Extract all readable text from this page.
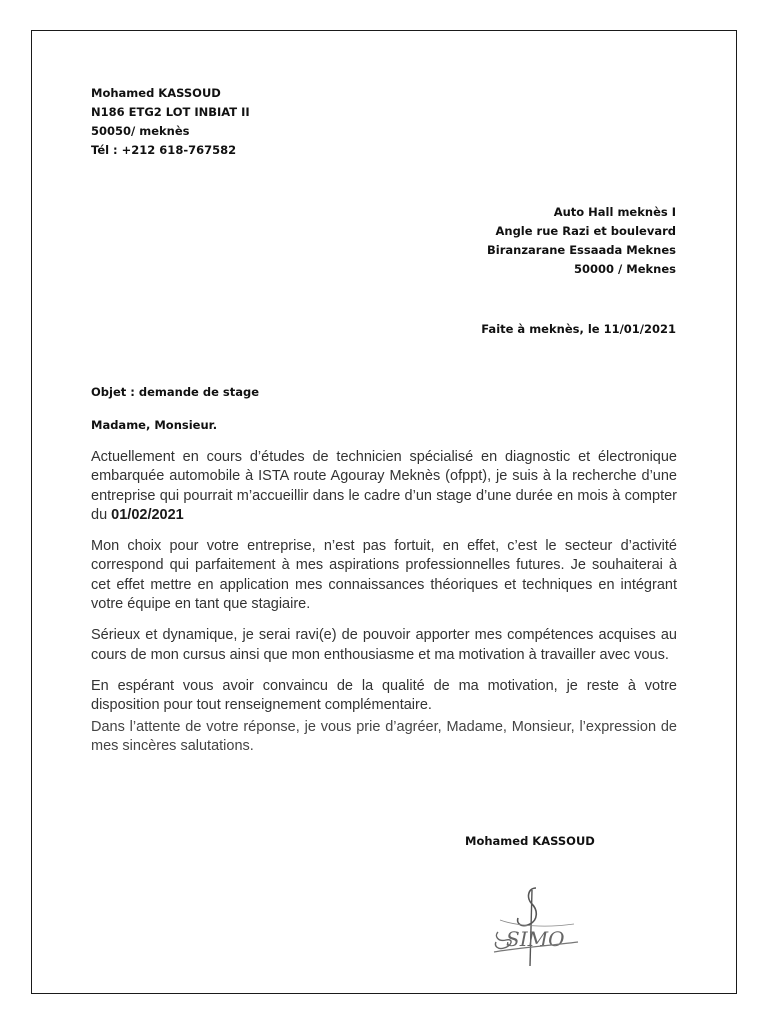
Mohamed KASSOUD
N186 ETG2 LOT INBIAT II
50050/ meknès
Tél : +212 618-767582
Auto Hall meknès I
Angle rue Razi et boulevard
Biranzarane Essaada Meknes
50000 / Meknes
Faite à meknès, le 11/01/2021
Objet : demande de stage
Madame, Monsieur.

Actuellement en cours d’études de technicien spécialisé en diagnostic et électronique embarquée automobile à ISTA route Agouray Meknès (ofppt), je suis à la recherche d’une entreprise qui pourrait m’accueillir dans le cadre d’un stage d’une durée en mois à compter du 01/02/2021

Mon choix pour votre entreprise, n’est pas fortuit, en effet, c’est le secteur d’activité correspond qui parfaitement à mes aspirations professionnelles futures. Je souhaiterai à cet effet mettre en application mes connaissances théoriques et techniques en intégrant votre équipe en tant que stagiaire.

Sérieux et dynamique, je serai ravi(e) de pouvoir apporter mes compétences acquises au cours de mon cursus ainsi que mon enthousiasme et ma motivation à travailler avec vous.

En espérant vous avoir convaincu de la qualité de ma motivation, je reste à votre disposition pour tout renseignement complémentaire.

Dans l’attente de votre réponse, je vous prie d’agréer, Madame, Monsieur, l’expression de mes sincères salutations.

Mohamed KASSOUD
SIMO
